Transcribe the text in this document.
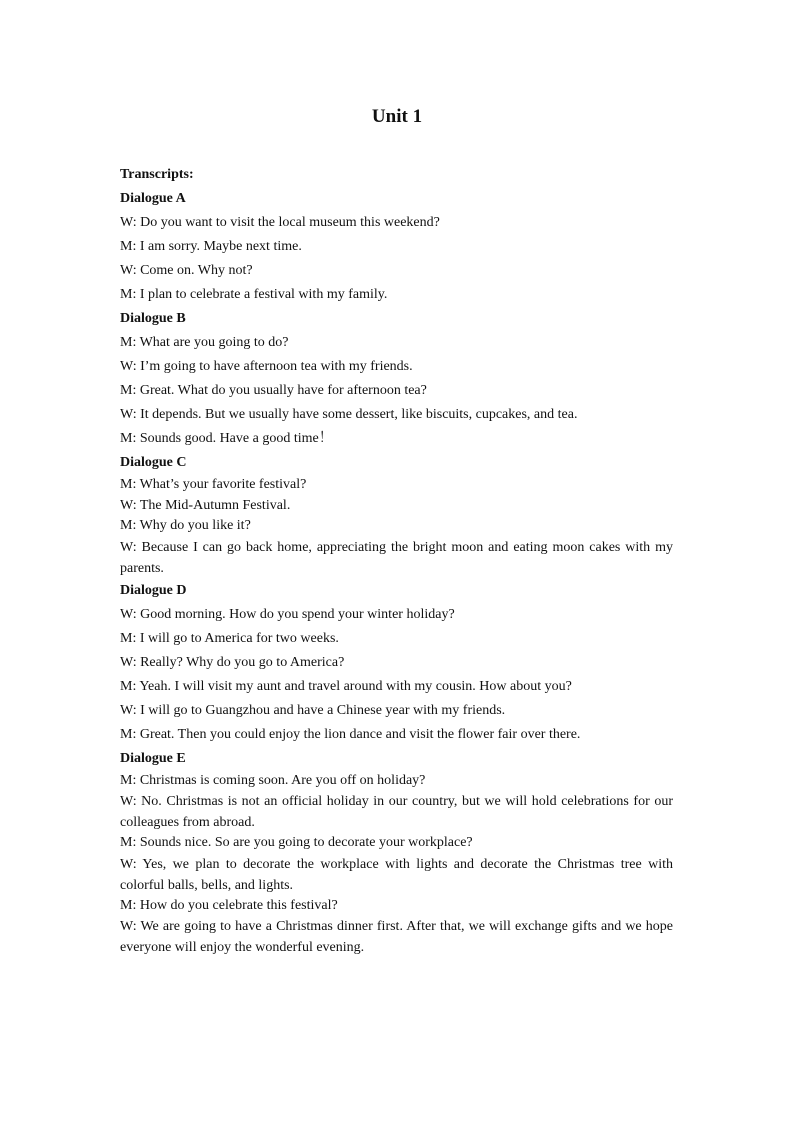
Unit 1
Transcripts:
Dialogue A
W: Do you want to visit the local museum this weekend?
M: I am sorry. Maybe next time.
W: Come on. Why not?
M: I plan to celebrate a festival with my family.
Dialogue B
M: What are you going to do?
W: I’m going to have afternoon tea with my friends.
M: Great. What do you usually have for afternoon tea?
W: It depends. But we usually have some dessert, like biscuits, cupcakes, and tea.
M: Sounds good. Have a good time！
Dialogue C
M: What’s your favorite festival?
W: The Mid-Autumn Festival.
M: Why do you like it?
W: Because I can go back home, appreciating the bright moon and eating moon cakes with my parents.
Dialogue D
W: Good morning. How do you spend your winter holiday?
M: I will go to America for two weeks.
W: Really? Why do you go to America?
M: Yeah. I will visit my aunt and travel around with my cousin. How about you?
W: I will go to Guangzhou and have a Chinese year with my friends.
M: Great. Then you could enjoy the lion dance and visit the flower fair over there.
Dialogue E
M: Christmas is coming soon. Are you off on holiday?
W: No. Christmas is not an official holiday in our country, but we will hold celebrations for our colleagues from abroad.
M: Sounds nice. So are you going to decorate your workplace?
W: Yes, we plan to decorate the workplace with lights and decorate the Christmas tree with colorful balls, bells, and lights.
M: How do you celebrate this festival?
W: We are going to have a Christmas dinner first. After that, we will exchange gifts and we hope everyone will enjoy the wonderful evening.
